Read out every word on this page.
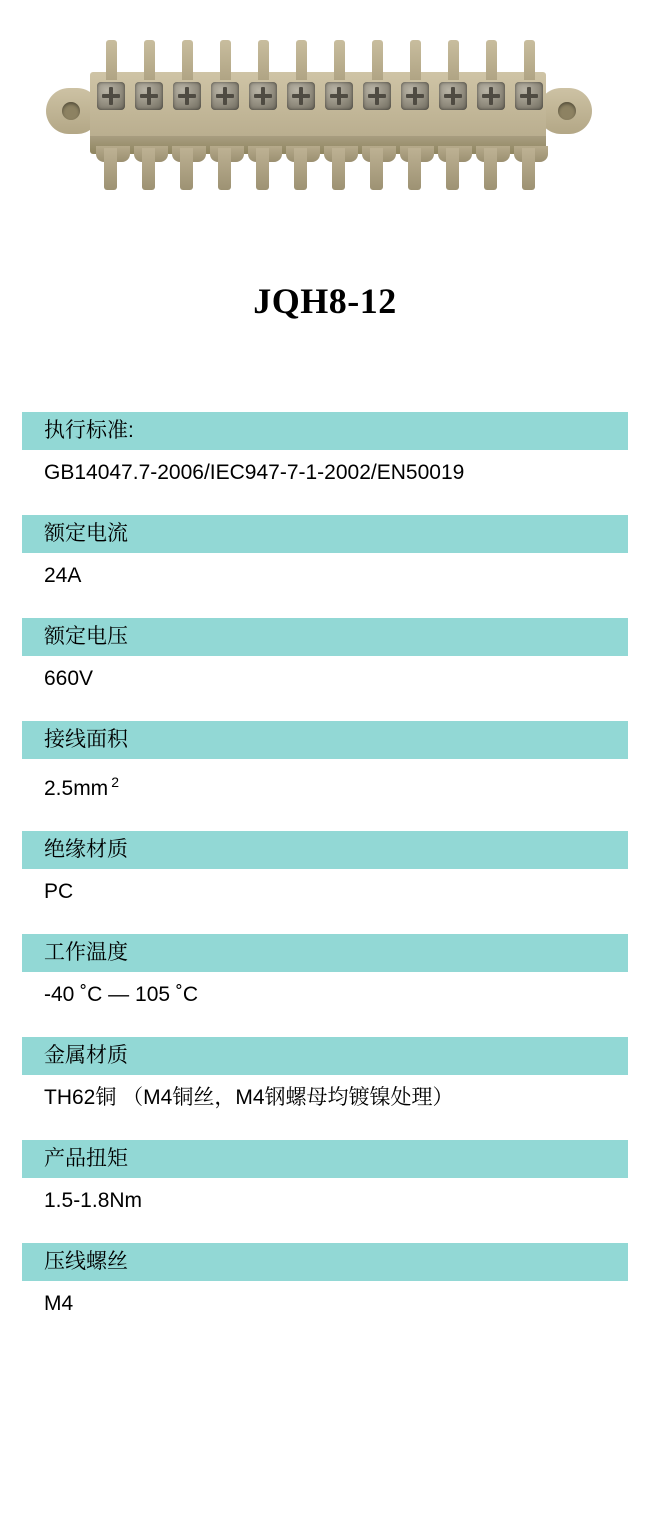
JQH8-12
执行标准:
GB14047.7-2006/IEC947-7-1-2002/EN50019
额定电流
24A
额定电压
660V
接线面积
2.5mm $^2$
绝缘材质
PC
工作温度
-40 ˚C — 105 ˚C
金属材质
TH62铜 （M4铜丝，M4钢螺母均镀镍处理）
产品扭矩
1.5-1.8Nm
压线螺丝
M4
